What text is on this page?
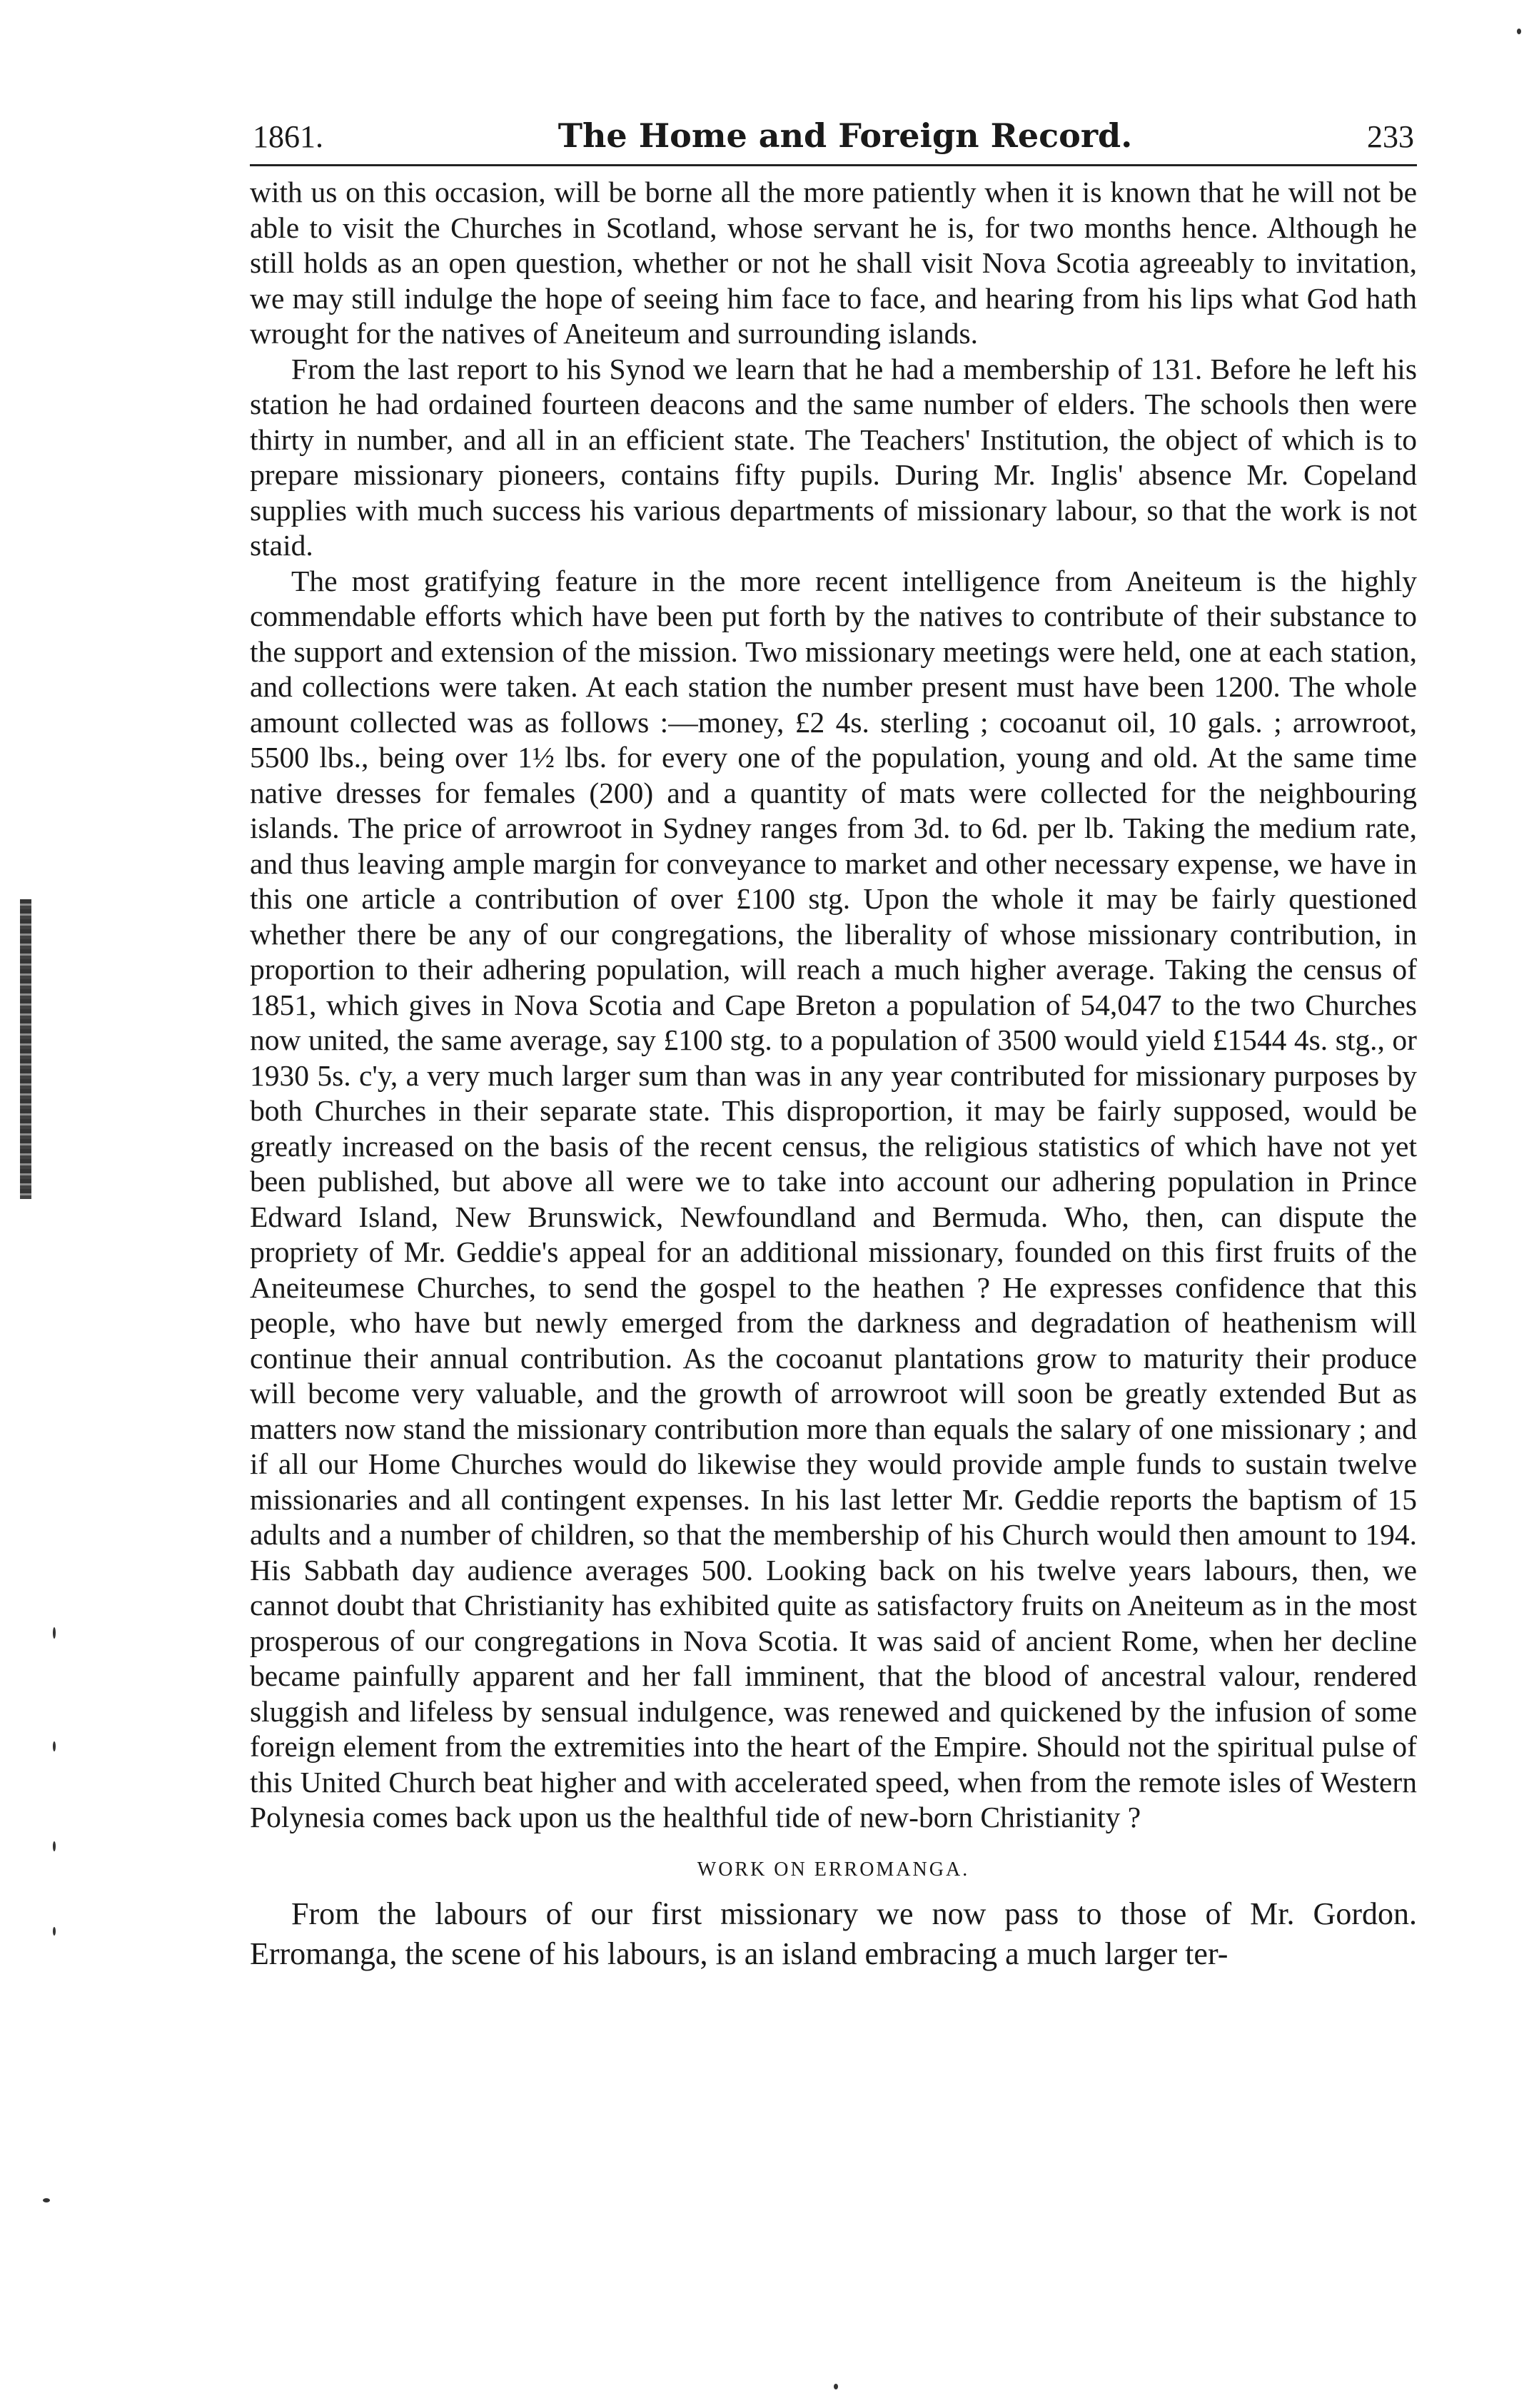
1861.	The Home and Foreign Record.	233

with us on this occasion, will be borne all the more patiently when it is known that he will not be able to visit the Churches in Scotland, whose servant he is, for two months hence. Although he still holds as an open question, whether or not he shall visit Nova Scotia agreeably to invitation, we may still indulge the hope of seeing him face to face, and hearing from his lips what God hath wrought for the natives of Aneiteum and surrounding islands.

From the last report to his Synod we learn that he had a membership of 131. Before he left his station he had ordained fourteen deacons and the same number of elders. The schools then were thirty in number, and all in an efficient state. The Teachers' Institution, the object of which is to prepare missionary pioneers, contains fifty pupils. During Mr. Inglis' absence Mr. Copeland supplies with much success his various departments of missionary labour, so that the work is not staid.

The most gratifying feature in the more recent intelligence from Aneiteum is the highly commendable efforts which have been put forth by the natives to contribute of their substance to the support and extension of the mission. Two missionary meetings were held, one at each station, and collections were taken. At each station the number present must have been 1200. The whole amount collected was as follows :—money, £2 4s. sterling ; cocoanut oil, 10 gals. ; arrowroot, 5500 lbs., being over 1½ lbs. for every one of the population, young and old. At the same time native dresses for females (200) and a quantity of mats were collected for the neighbouring islands. The price of arrowroot in Sydney ranges from 3d. to 6d. per lb. Taking the medium rate, and thus leaving ample margin for conveyance to market and other necessary expense, we have in this one article a contribution of over £100 stg. Upon the whole it may be fairly questioned whether there be any of our congregations, the liberality of whose missionary contribution, in proportion to their adhering population, will reach a much higher average. Taking the census of 1851, which gives in Nova Scotia and Cape Breton a population of 54,047 to the two Churches now united, the same average, say £100 stg. to a population of 3500 would yield £1544 4s. stg., or 1930 5s. c'y, a very much larger sum than was in any year contributed for missionary purposes by both Churches in their separate state. This disproportion, it may be fairly supposed, would be greatly increased on the basis of the recent census, the religious statistics of which have not yet been published, but above all were we to take into account our adhering population in Prince Edward Island, New Brunswick, Newfoundland and Bermuda. Who, then, can dispute the propriety of Mr. Geddie's appeal for an additional missionary, founded on this first fruits of the Aneiteumese Churches, to send the gospel to the heathen ? He expresses confidence that this people, who have but newly emerged from the darkness and degradation of heathenism will continue their annual contribution. As the cocoanut plantations grow to maturity their produce will become very valuable, and the growth of arrowroot will soon be greatly extended But as matters now stand the missionary contribution more than equals the salary of one missionary ; and if all our Home Churches would do likewise they would provide ample funds to sustain twelve missionaries and all contingent expenses. In his last letter Mr. Geddie reports the baptism of 15 adults and a number of children, so that the membership of his Church would then amount to 194. His Sabbath day audience averages 500. Looking back on his twelve years labours, then, we cannot doubt that Christianity has exhibited quite as satisfactory fruits on Aneiteum as in the most prosperous of our congregations in Nova Scotia. It was said of ancient Rome, when her decline became painfully apparent and her fall imminent, that the blood of ancestral valour, rendered sluggish and lifeless by sensual indulgence, was renewed and quickened by the infusion of some foreign element from the extremities into the heart of the Empire. Should not the spiritual pulse of this United Church beat higher and with accelerated speed, when from the remote isles of Western Polynesia comes back upon us the healthful tide of new-born Christianity ?

WORK ON ERROMANGA.

From the labours of our first missionary we now pass to those of Mr. Gordon. Erromanga, the scene of his labours, is an island embracing a much larger ter-
